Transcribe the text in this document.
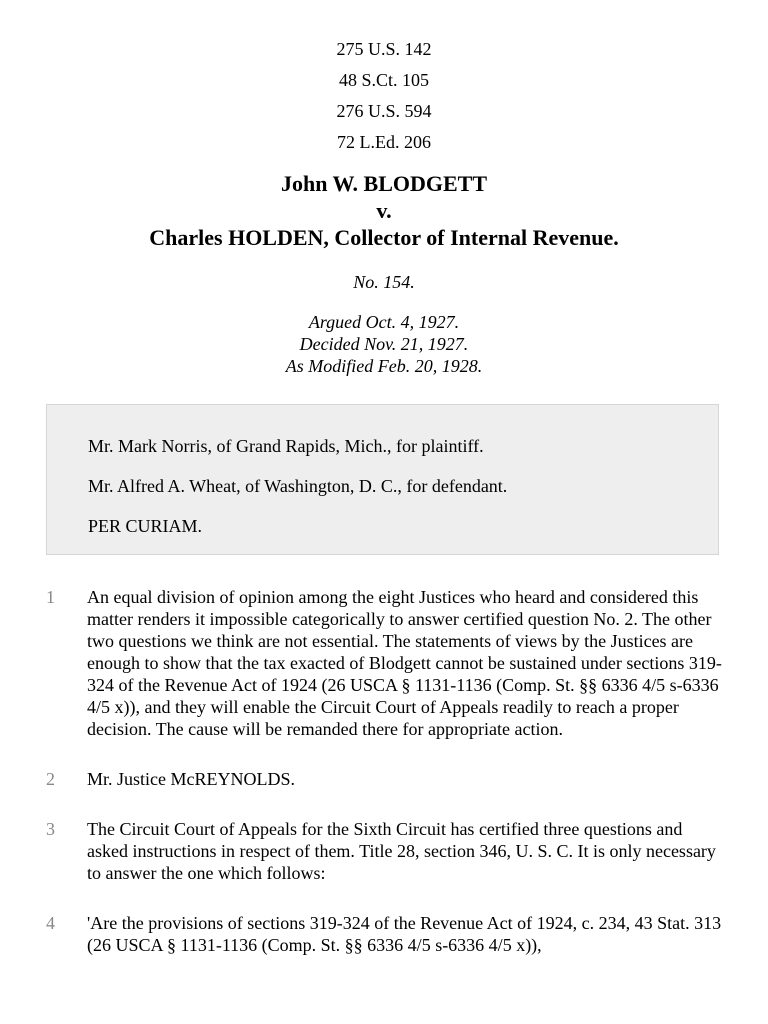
275 U.S. 142
48 S.Ct. 105
276 U.S. 594
72 L.Ed. 206
John W. BLODGETT
v.
Charles HOLDEN, Collector of Internal Revenue.
No. 154.
Argued Oct. 4, 1927.
Decided Nov. 21, 1927.
As Modified Feb. 20, 1928.
Mr. Mark Norris, of Grand Rapids, Mich., for plaintiff.
Mr. Alfred A. Wheat, of Washington, D. C., for defendant.
PER CURIAM.
1 An equal division of opinion among the eight Justices who heard and considered this matter renders it impossible categorically to answer certified question No. 2. The other two questions we think are not essential. The statements of views by the Justices are enough to show that the tax exacted of Blodgett cannot be sustained under sections 319-324 of the Revenue Act of 1924 (26 USCA § 1131-1136 (Comp. St. §§ 6336 4/5 s-6336 4/5 x)), and they will enable the Circuit Court of Appeals readily to reach a proper decision. The cause will be remanded there for appropriate action.
2 Mr. Justice McREYNOLDS.
3 The Circuit Court of Appeals for the Sixth Circuit has certified three questions and asked instructions in respect of them. Title 28, section 346, U. S. C. It is only necessary to answer the one which follows:
4 'Are the provisions of sections 319-324 of the Revenue Act of 1924, c. 234, 43 Stat. 313 (26 USCA § 1131-1136 (Comp. St. §§ 6336 4/5 s-6336 4/5 x)),
